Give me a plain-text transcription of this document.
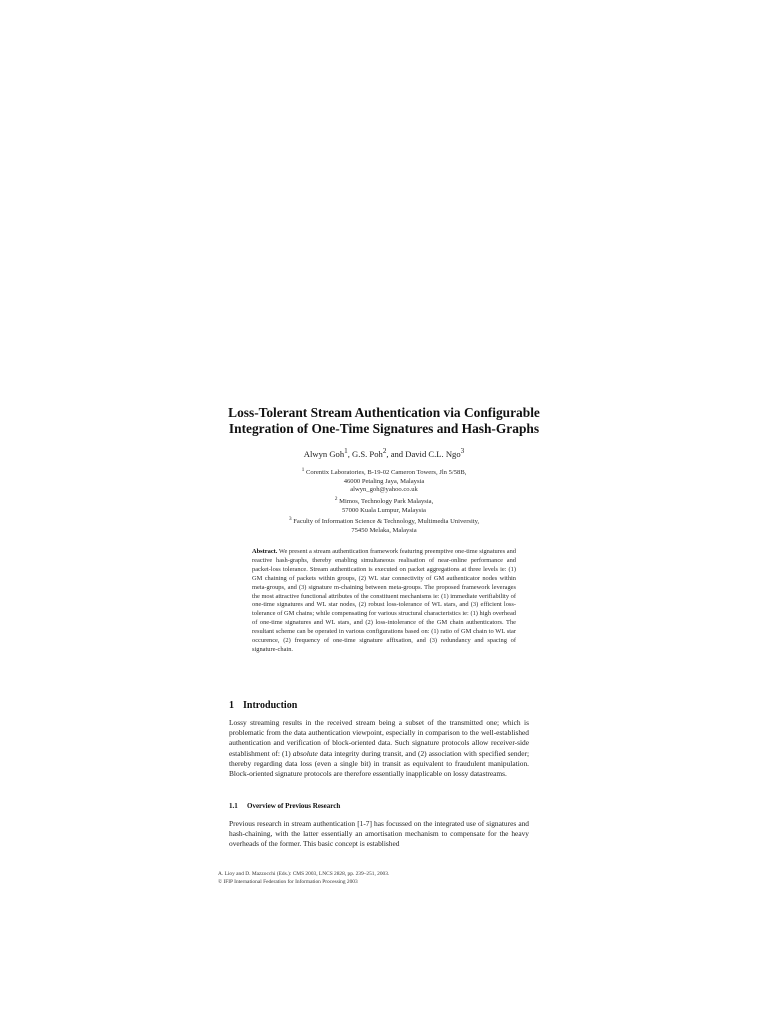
Loss-Tolerant Stream Authentication via Configurable
Integration of One-Time Signatures and Hash-Graphs
Alwyn Goh$^1$, G.S. Poh$^2$, and David C.L. Ngo$^3$
$^1$ Corentix Laboratories, B-19-02 Cameron Towers, Jln 5/58B,
46000 Petaling Jaya, Malaysia
alwyn_goh@yahoo.co.uk
$^2$ Mimos, Technology Park Malaysia,
57000 Kuala Lumpur, Malaysia
$^3$ Faculty of Information Science & Technology, Multimedia University,
75450 Melaka, Malaysia
Abstract. We present a stream authentication framework featuring preemptive one-time signatures and reactive hash-graphs, thereby enabling simultaneous realisation of near-online performance and packet-loss tolerance. Stream authentication is executed on packet aggregations at three levels ie: (1) GM chaining of packets within groups, (2) WL star connectivity of GM authenticator nodes within meta-groups, and (3) signature m-chaining between meta-groups. The proposed framework leverages the most attractive functional attributes of the constituent mechanisms ie: (1) immediate verifiability of one-time signatures and WL star nodes, (2) robust loss-tolerance of WL stars, and (3) efficient loss-tolerance of GM chains; while compensating for various structural characteristics ie: (1) high overhead of one-time signatures and WL stars, and (2) loss-intolerance of the GM chain authenticators. The resultant scheme can be operated in various configurations based on: (1) ratio of GM chain to WL star occurence, (2) frequency of one-time signature affixation, and (3) redundancy and spacing of signature-chain.
1 Introduction
Lossy streaming results in the received stream being a subset of the transmitted one; which is problematic from the data authentication viewpoint, especially in comparison to the well-established authentication and verification of block-oriented data. Such signature protocols allow receiver-side establishment of: (1) absolute data integrity during transit, and (2) association with specified sender; thereby regarding data loss (even a single bit) in transit as equivalent to fraudulent manipulation. Block-oriented signature protocols are therefore essentially inapplicable on lossy datastreams.
1.1 Overview of Previous Research
Previous research in stream authentication [1-7] has focussed on the integrated use of signatures and hash-chaining, with the latter essentially an amortisation mechanism to compensate for the heavy overheads of the former. This basic concept is established
A. Lioy and D. Mazzocchi (Eds.): CMS 2003, LNCS 2828, pp. 239–251, 2003.
© IFIP International Federation for Information Processing 2003
